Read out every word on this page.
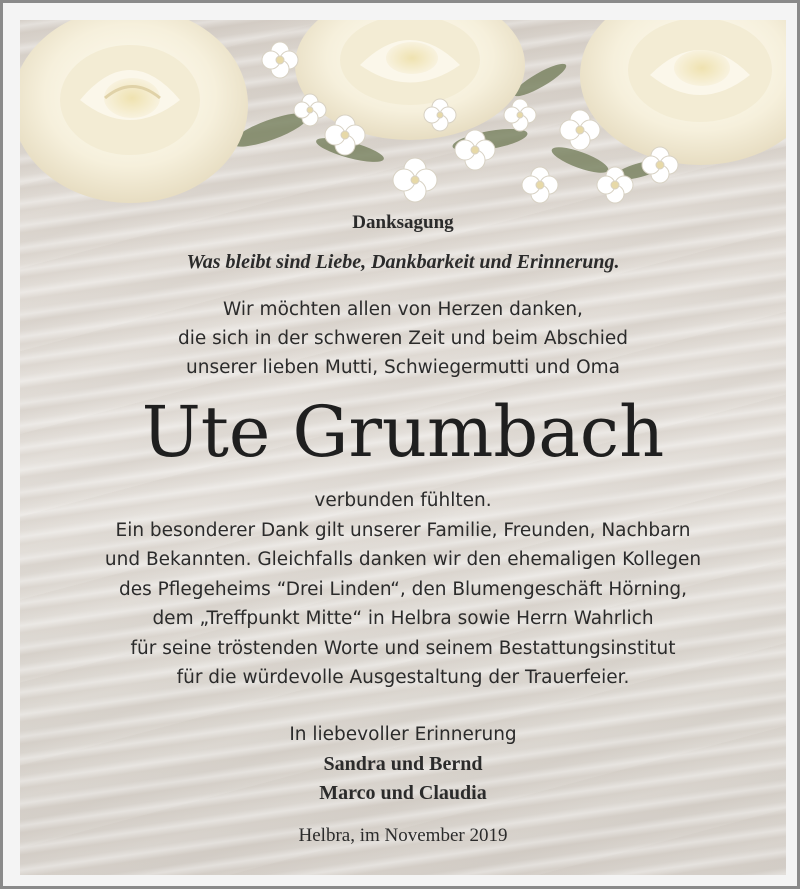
Danksagung
Was bleibt sind Liebe, Dankbarkeit und Erinnerung.
Wir möchten allen von Herzen danken,
die sich in der schweren Zeit und beim Abschied
unserer lieben Mutti, Schwiegermutti und Oma
Ute Grumbach
verbunden fühlten.
Ein besonderer Dank gilt unserer Familie, Freunden, Nachbarn
und Bekannten. Gleichfalls danken wir den ehemaligen Kollegen
des Pflegeheims “Drei Linden“, den Blumengeschäft Hörning,
dem „Treffpunkt Mitte“ in Helbra sowie Herrn Wahrlich
für seine tröstenden Worte und seinem Bestattungsinstitut
für die würdevolle Ausgestaltung der Trauerfeier.
In liebevoller Erinnerung
Sandra und Bernd
Marco und Claudia
Helbra, im November 2019
